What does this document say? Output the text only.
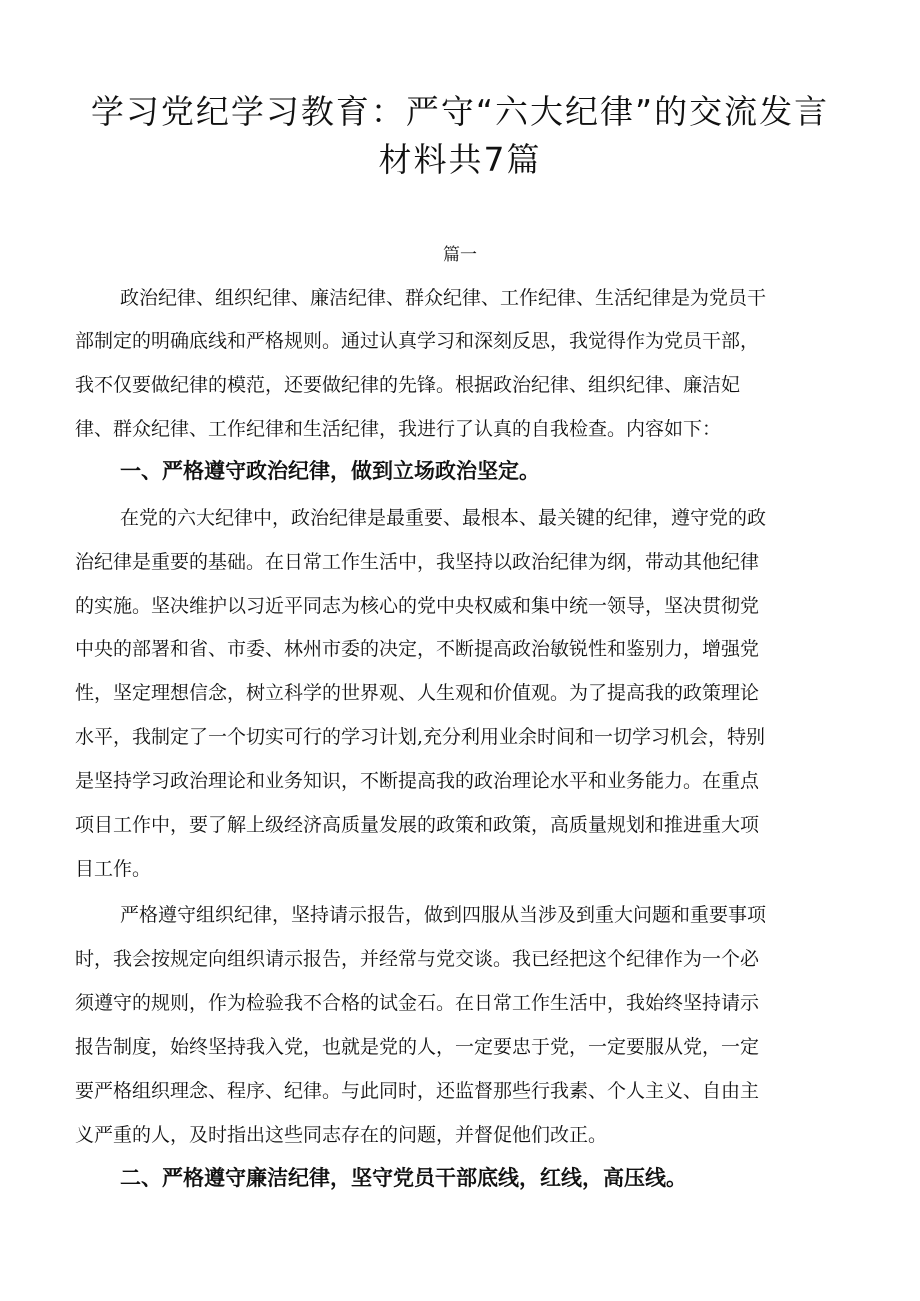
学习党纪学习教育：严守“六大纪律”的交流发言
材料共7篇

篇一

政治纪律、组织纪律、廉洁纪律、群众纪律、工作纪律、生活纪律是为党员干

部制定的明确底线和严格规则。通过认真学习和深刻反思，我觉得作为党员干部，

我不仅要做纪律的模范，还要做纪律的先锋。根据政治纪律、组织纪律、廉洁妃

律、群众纪律、工作纪律和生活纪律，我进行了认真的自我检查。内容如下：

一、严格遵守政治纪律，做到立场政治坚定。

在党的六大纪律中，政治纪律是最重要、最根本、最关键的纪律，遵守党的政

治纪律是重要的基础。在日常工作生活中，我坚持以政治纪律为纲，带动其他纪律

的实施。坚决维护以习近平同志为核心的党中央权威和集中统一领导，坚决贯彻党

中央的部署和省、市委、林州市委的决定，不断提高政治敏锐性和鉴别力，增强党

性，坚定理想信念，树立科学的世界观、人生观和价值观。为了提高我的政策理论

水平，我制定了一个切实可行的学习计划,充分利用业余时间和一切学习机会，特别

是坚持学习政治理论和业务知识，不断提高我的政治理论水平和业务能力。在重点

项目工作中，要了解上级经济高质量发展的政策和政策，高质量规划和推进重大项

目工作。

严格遵守组织纪律，坚持请示报告，做到四服从当涉及到重大问题和重要事项

时，我会按规定向组织请示报告，并经常与党交谈。我已经把这个纪律作为一个必

须遵守的规则，作为检验我不合格的试金石。在日常工作生活中，我始终坚持请示

报告制度，始终坚持我入党，也就是党的人，一定要忠于党，一定要服从党，一定

要严格组织理念、程序、纪律。与此同时，还监督那些行我素、个人主义、自由主

义严重的人，及时指出这些同志存在的问题，并督促他们改正。

二、严格遵守廉洁纪律，坚守党员干部底线，红线，高压线。
